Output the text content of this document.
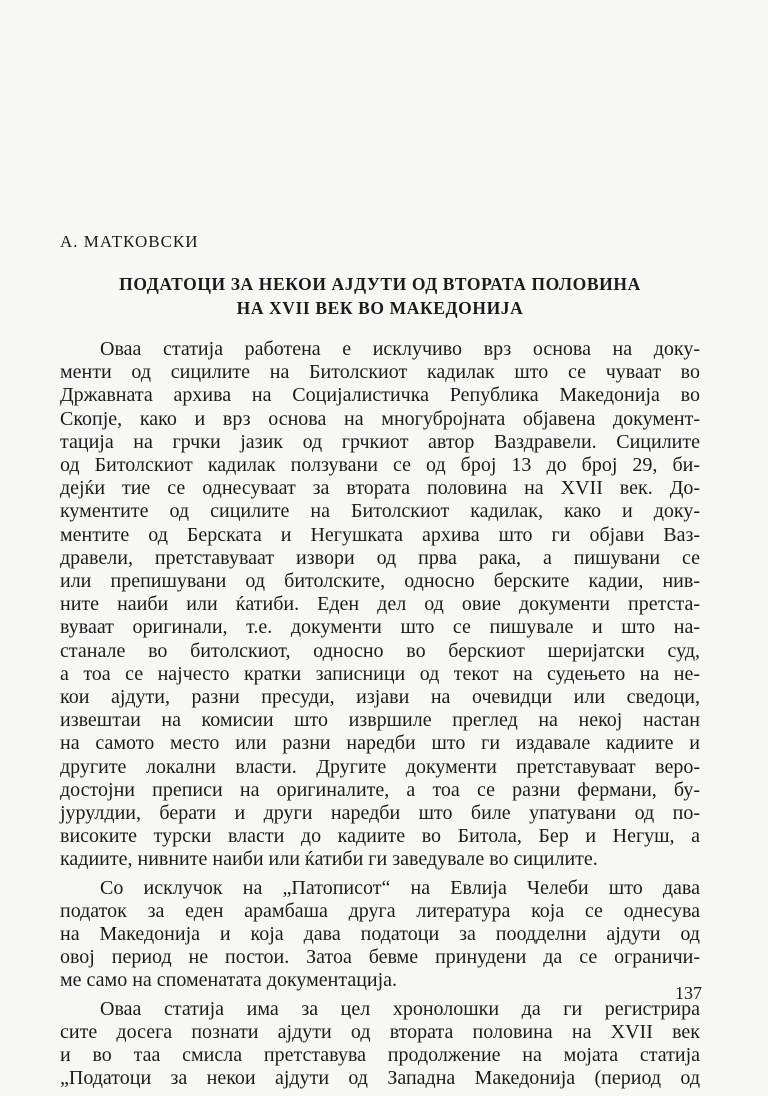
А. МАТКОВСКИ

ПОДАТОЦИ ЗА НЕКОИ АЈДУТИ ОД ВТОРАТА ПОЛОВИНА
НА XVII ВЕК ВО МАКЕДОНИЈА

Оваа статија работена е исклучиво врз основа на доку-
менти од сицилите на Битолскиот кадилак што се чуваат во
Државната архива на Социјалистичка Република Македонија во
Скопје, како и врз основа на многубројната објавена документ-
тација на грчки јазик од грчкиот автор Ваздравели. Сицилите
од Битолскиот кадилак ползувани се од број 13 до број 29, би-
дејќи тие се однесуваат за втората половина на XVII век. До-
кументите од сицилите на Битолскиот кадилак, како и доку-
ментите од Берската и Негушката архива што ги објави Ваз-
дравели, претставуваат извори од прва рака, а пишувани се
или препишувани од битолските, односно берските кадии, нив-
ните наиби или ќатиби. Еден дел од овие документи претста-
вуваат оригинали, т.е. документи што се пишувале и што на-
станале во битолскиот, односно во берскиот шеријатски суд,
а тоа се најчесто кратки записници од текот на судењето на не-
кои ајдути, разни пресуди, изјави на очевидци или сведоци,
извештаи на комисии што извршиле преглед на некој настан
на самото место или разни наредби што ги издавале кадиите и
другите локални власти. Другите документи претставуваат веро-
достојни преписи на оригиналите, а тоа се разни фермани, бу-
јурулдии, берати и други наредби што биле упатувани од по-
високите турски власти до кадиите во Битола, Бер и Негуш, а
кадиите, нивните наиби или ќатиби ги заведувале во сицилите.

Со исклучок на „Патописот“ на Евлија Челеби што дава
податок за еден арамбаша друга литература која се однесува
на Македонија и која дава податоци за поодделни ајдути од
овој период не постои. Затоа бевме принудени да се ограничи-
ме само на споменатата документација.

Оваа статија има за цел хронолошки да ги регистрира
сите досега познати ајдути од втората половина на XVII век
и во таа смисла претставува продолжение на мојата статија
„Податоци за некои ајдути од Западна Македонија (период од

137
